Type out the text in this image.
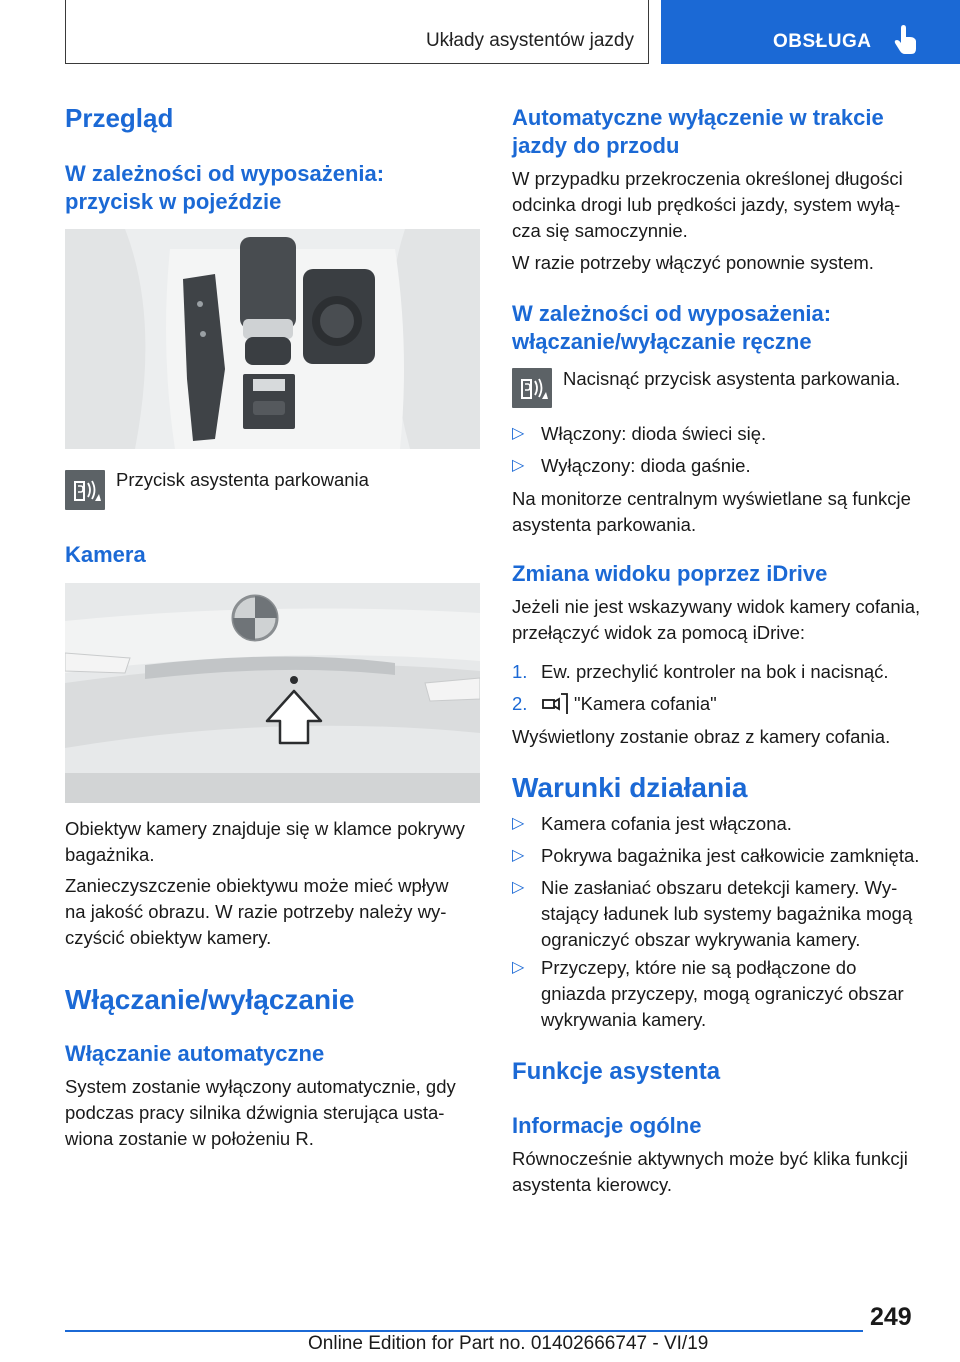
Układy asystentów jazdy	OBSŁUGA
Przegląd
W zależności od wyposażenia:
przycisk w pojeździe
Przycisk asystenta parkowania
Kamera
Obiektyw kamery znajduje się w klamce pokrywy
bagażnika.
Zanieczyszczenie obiektywu może mieć wpływ
na jakość obrazu. W razie potrzeby należy wy‐
czyścić obiektyw kamery.
Włączanie/wyłączanie
Włączanie automatyczne
System zostanie wyłączony automatycznie, gdy
podczas pracy silnika dźwignia sterująca usta‐
wiona zostanie w położeniu R.
Automatyczne wyłączenie w trakcie
jazdy do przodu
W przypadku przekroczenia określonej długości
odcinka drogi lub prędkości jazdy, system wyłą‐
cza się samoczynnie.
W razie potrzeby włączyć ponownie system.
W zależności od wyposażenia:
włączanie/wyłączanie ręczne
Nacisnąć przycisk asystenta parkowania.
▷ Włączony: dioda świeci się.
▷ Wyłączony: dioda gaśnie.
Na monitorze centralnym wyświetlane są funkcje
asystenta parkowania.
Zmiana widoku poprzez iDrive
Jeżeli nie jest wskazywany widok kamery cofania,
przełączyć widok za pomocą iDrive:
1. Ew. przechylić kontroler na bok i nacisnąć.
2.	"Kamera cofania"
Wyświetlony zostanie obraz z kamery cofania.
Warunki działania
▷ Kamera cofania jest włączona.
▷ Pokrywa bagażnika jest całkowicie zamknięta.
▷ Nie zasłaniać obszaru detekcji kamery. Wy‐
stający ładunek lub systemy bagażnika mogą
ograniczyć obszar wykrywania kamery.
▷ Przyczepy, które nie są podłączone do
gniazda przyczepy, mogą ograniczyć obszar
wykrywania kamery.
Funkcje asystenta
Informacje ogólne
Równocześnie aktywnych może być klika funkcji
asystenta kierowcy.
249
Online Edition for Part no. 01402666747 - VI/19
